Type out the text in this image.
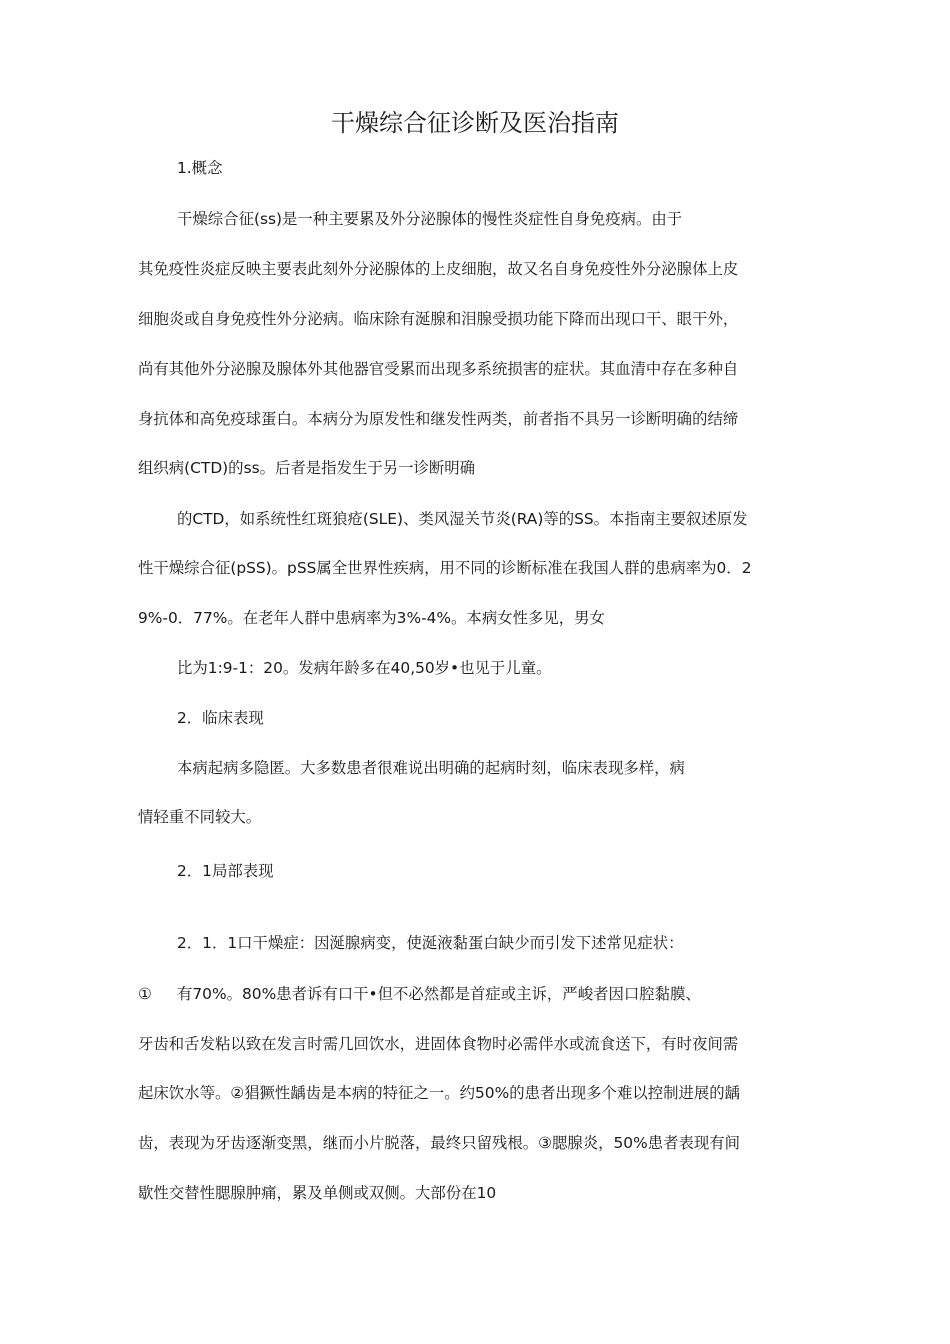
干燥综合征诊断及医治指南

1.概念

干燥综合征(ss)是一种主要累及外分泌腺体的慢性炎症性自身免疫病。由于

其免疫性炎症反映主要表此刻外分泌腺体的上皮细胞，故又名自身免疫性外分泌腺体上皮

细胞炎或自身免疫性外分泌病。临床除有涎腺和泪腺受损功能下降而出现口干、眼干外，

尚有其他外分泌腺及腺体外其他器官受累而出现多系统损害的症状。其血清中存在多种自

身抗体和高免疫球蛋白。本病分为原发性和继发性两类，前者指不具另一诊断明确的结缔

组织病(CTD)的ss。后者是指发生于另一诊断明确

的CTD，如系统性红斑狼疮(SLE)、类风湿关节炎(RA)等的SS。本指南主要叙述原发

性干燥综合征(pSS)。pSS属全世界性疾病，用不同的诊断标准在我国人群的患病率为0．2

9%-0．77%。在老年人群中患病率为3%-4%。本病女性多见，男女

比为1:9-1：20。发病年龄多在40,50岁•也见于儿童。

2．临床表现

本病起病多隐匿。大多数患者很难说出明确的起病时刻，临床表现多样，病

情轻重不同较大。

2．1局部表现

2．1．1口干燥症：因涎腺病变，使涎液黏蛋白缺少而引发下述常见症状：

① 有70%。80%患者诉有口干•但不必然都是首症或主诉，严峻者因口腔黏膜、

牙齿和舌发粘以致在发言时需几回饮水，进固体食物时必需伴水或流食送下，有时夜间需

起床饮水等。②猖獗性龋齿是本病的特征之一。约50%的患者出现多个难以控制进展的龋

齿，表现为牙齿逐渐变黑，继而小片脱落，最终只留残根。③腮腺炎，50%患者表现有间

歇性交替性腮腺肿痛，累及单侧或双侧。大部份在10
